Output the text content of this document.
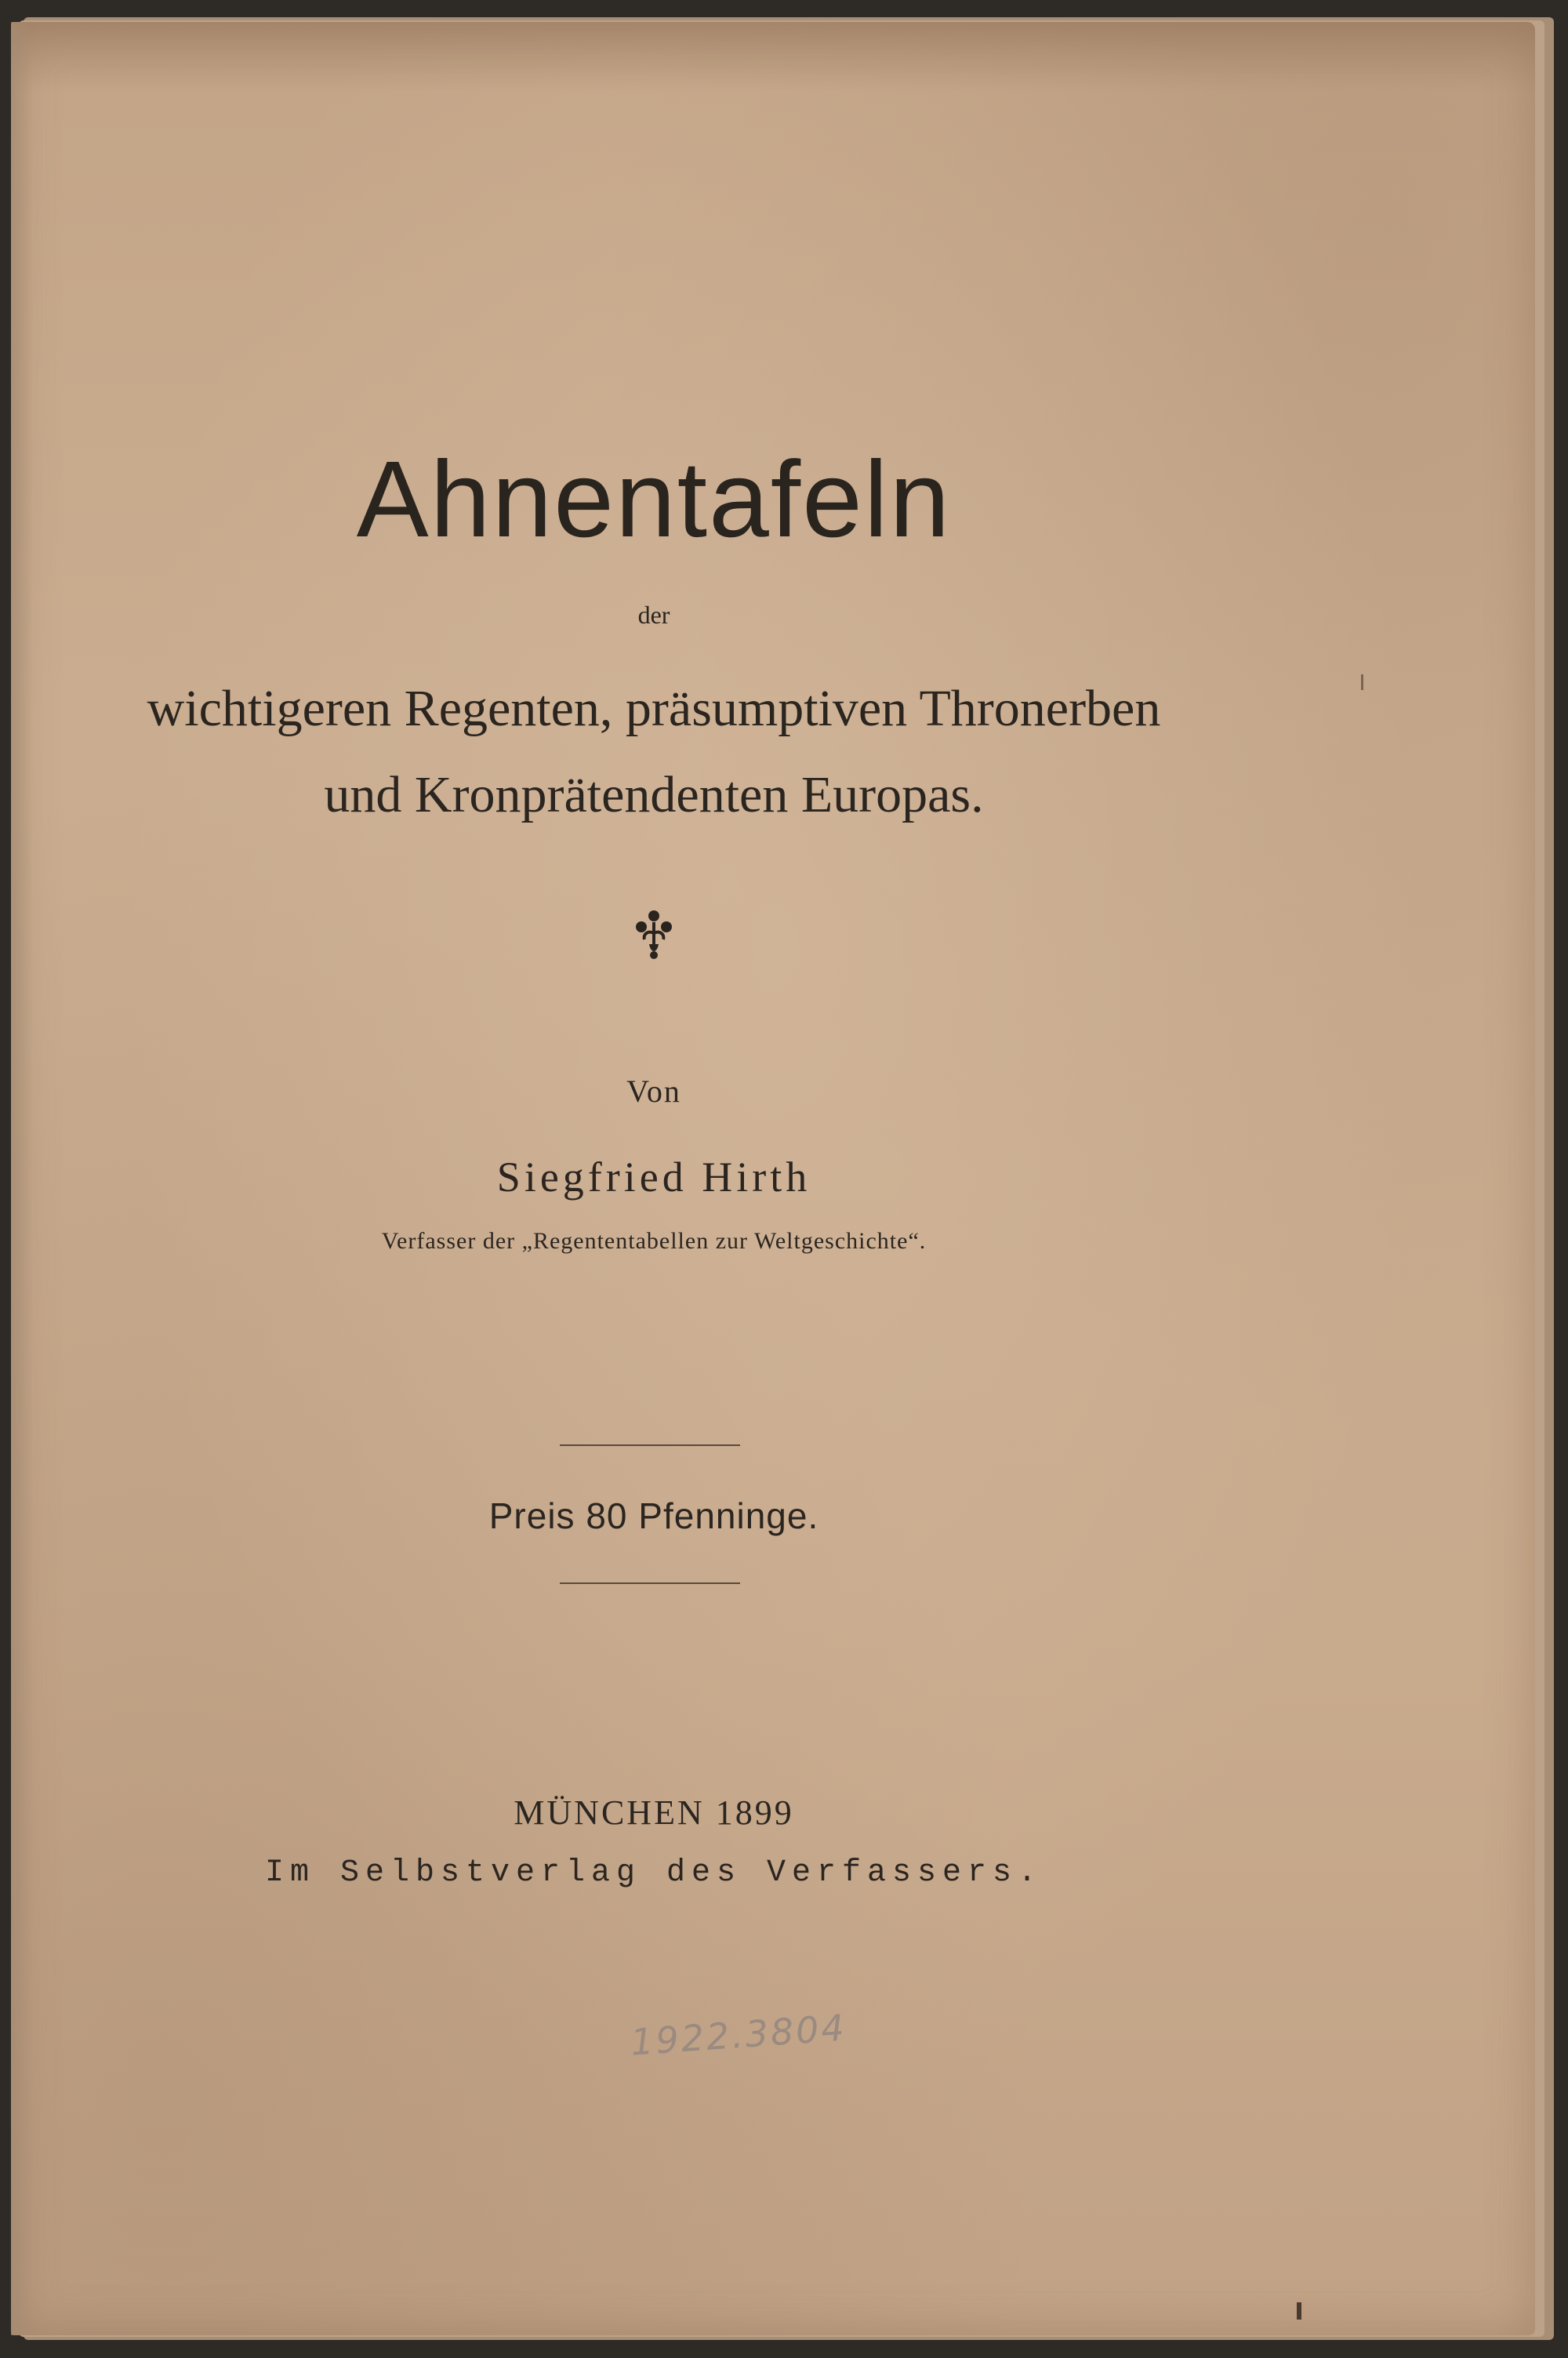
Ahnentafeln
der
wichtigeren Regenten, präsumptiven Thronerben
und Kronprätendenten Europas.
Von
Siegfried Hirth
Verfasser der „Regententabellen zur Weltgeschichte“.
Preis 80 Pfenninge.
MÜNCHEN 1899
Im Selbstverlag des Verfassers.
1922.3804
